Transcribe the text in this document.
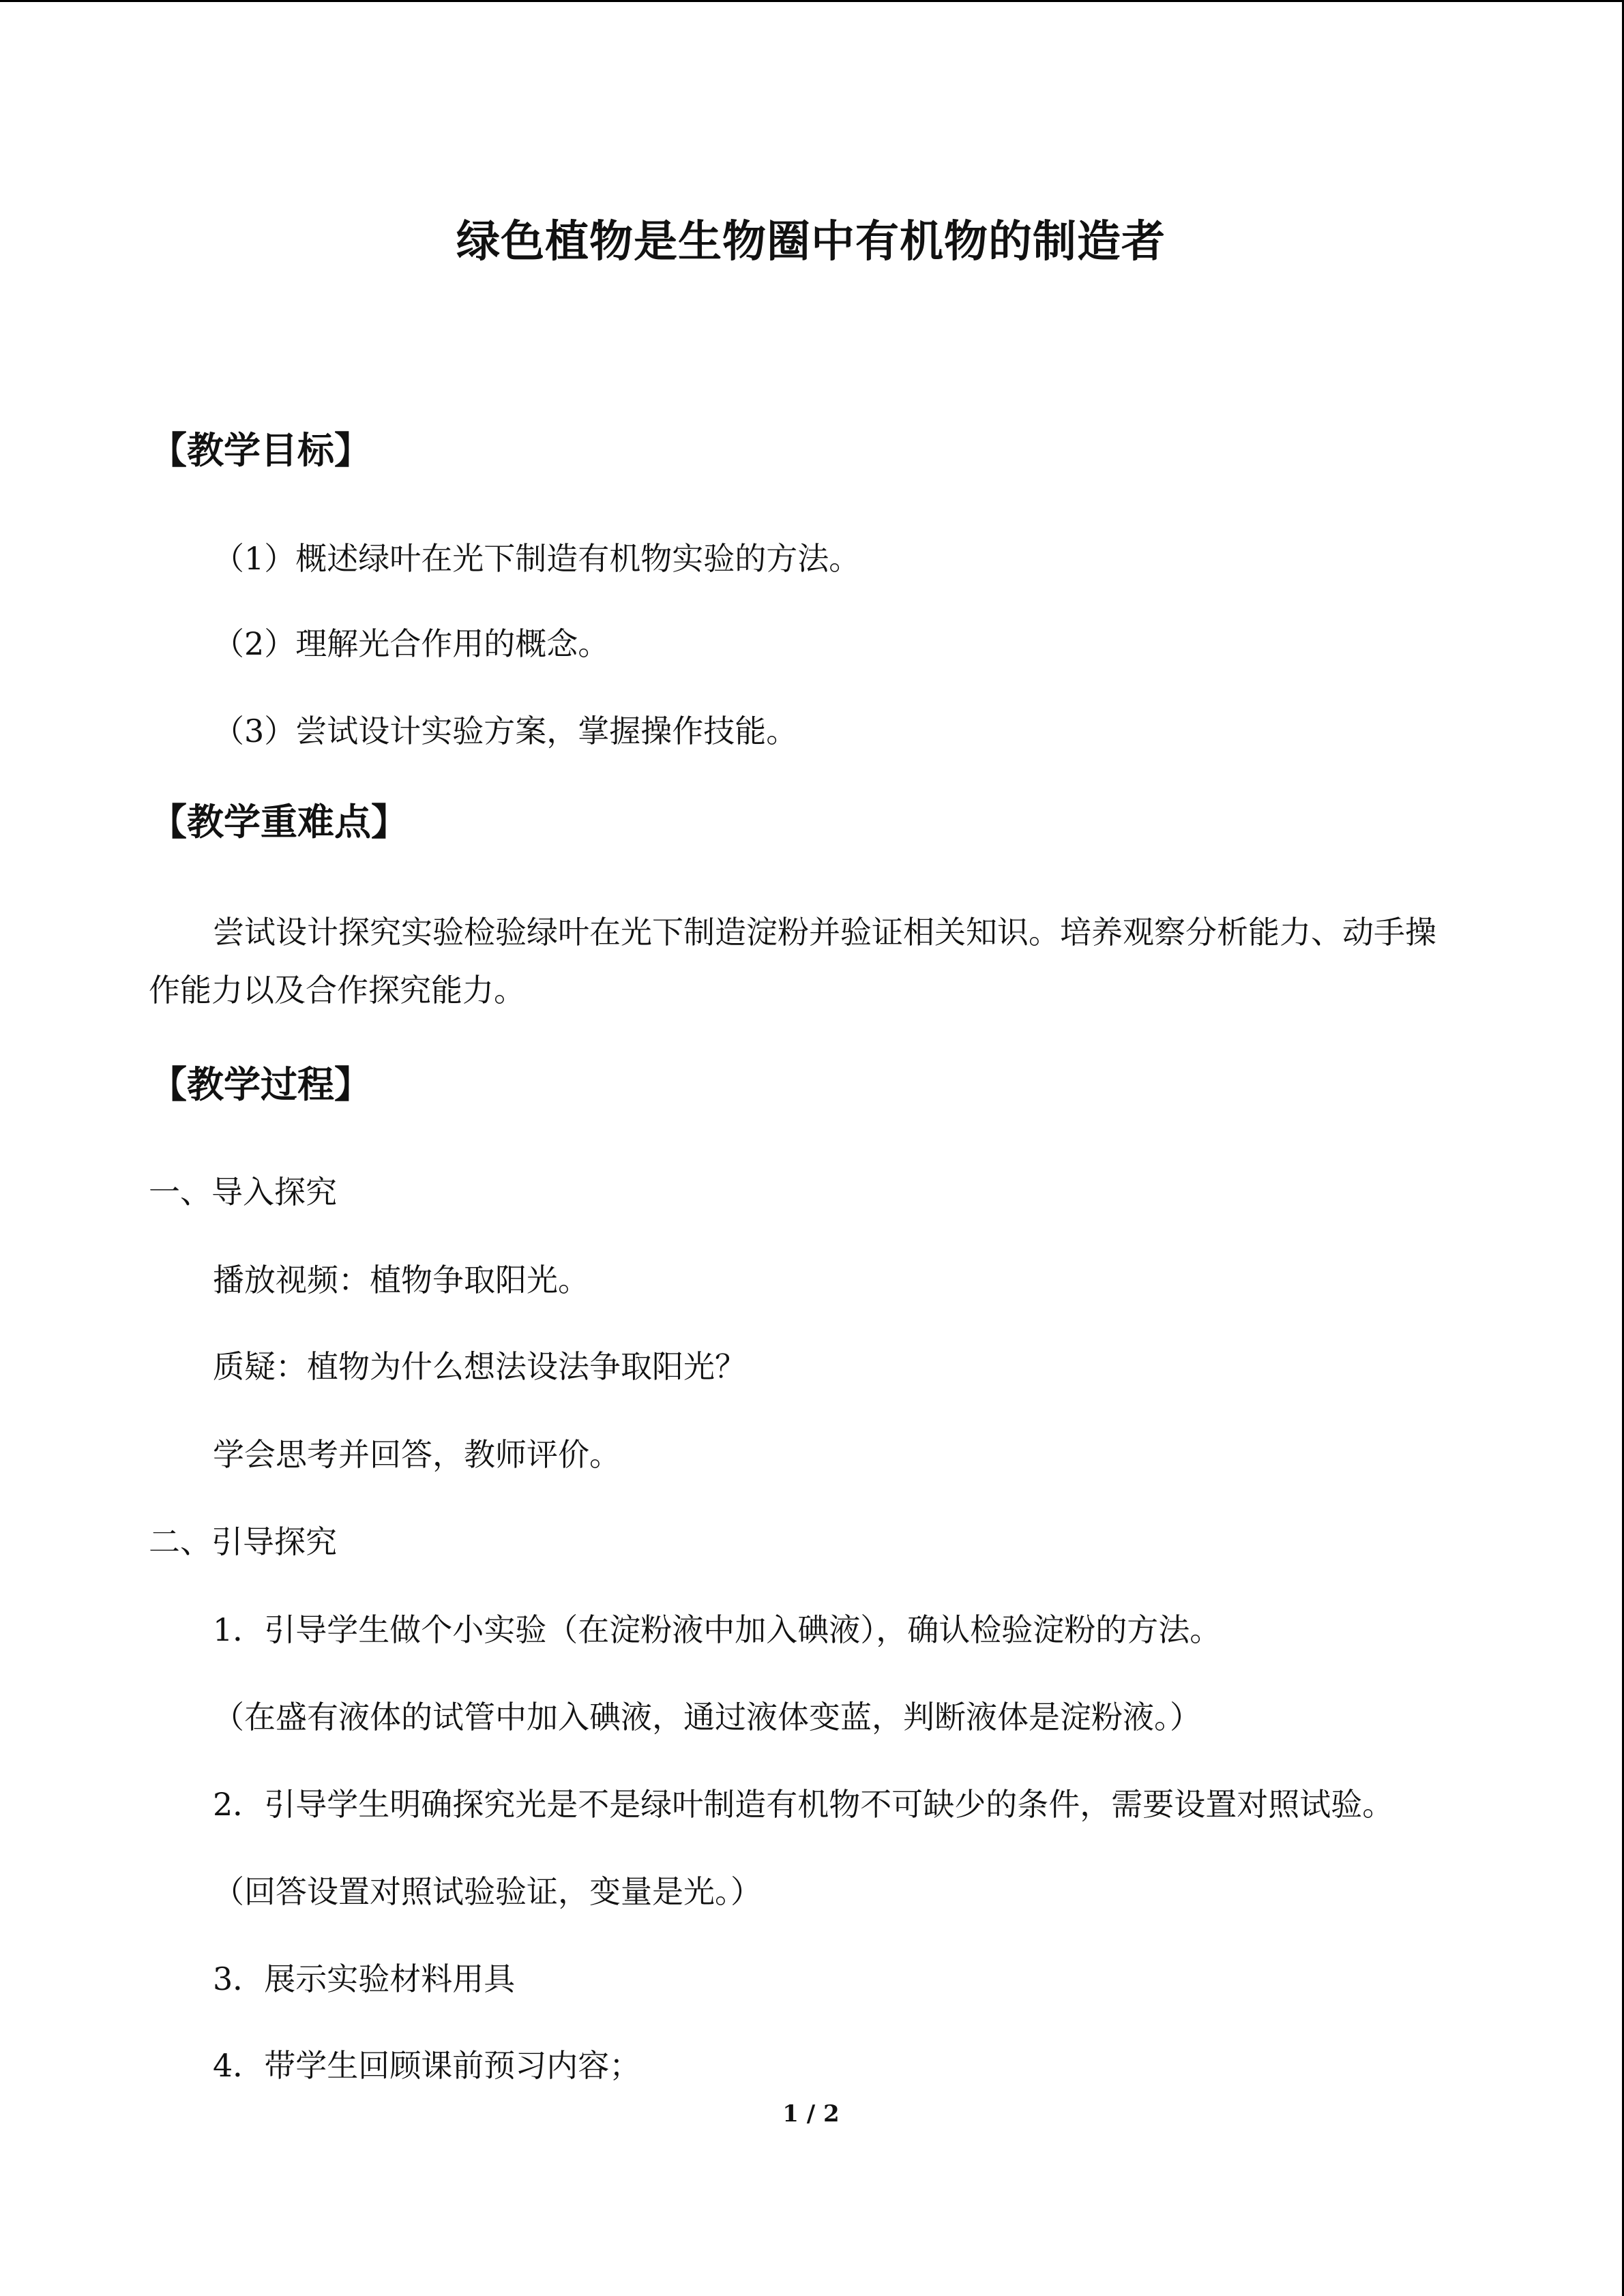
绿色植物是生物圈中有机物的制造者
【教学目标】
（1）概述绿叶在光下制造有机物实验的方法。
（2）理解光合作用的概念。
（3）尝试设计实验方案，掌握操作技能。
【教学重难点】
尝试设计探究实验检验绿叶在光下制造淀粉并验证相关知识。培养观察分析能力、动手操作能力以及合作探究能力。
【教学过程】
一、导入探究
播放视频：植物争取阳光。
质疑：植物为什么想法设法争取阳光？
学会思考并回答，教师评价。
二、引导探究
1．引导学生做个小实验（在淀粉液中加入碘液），确认检验淀粉的方法。
（在盛有液体的试管中加入碘液，通过液体变蓝，判断液体是淀粉液。）
2．引导学生明确探究光是不是绿叶制造有机物不可缺少的条件，需要设置对照试验。
（回答设置对照试验验证，变量是光。）
3．展示实验材料用具
4．带学生回顾课前预习内容；
1 / 2
